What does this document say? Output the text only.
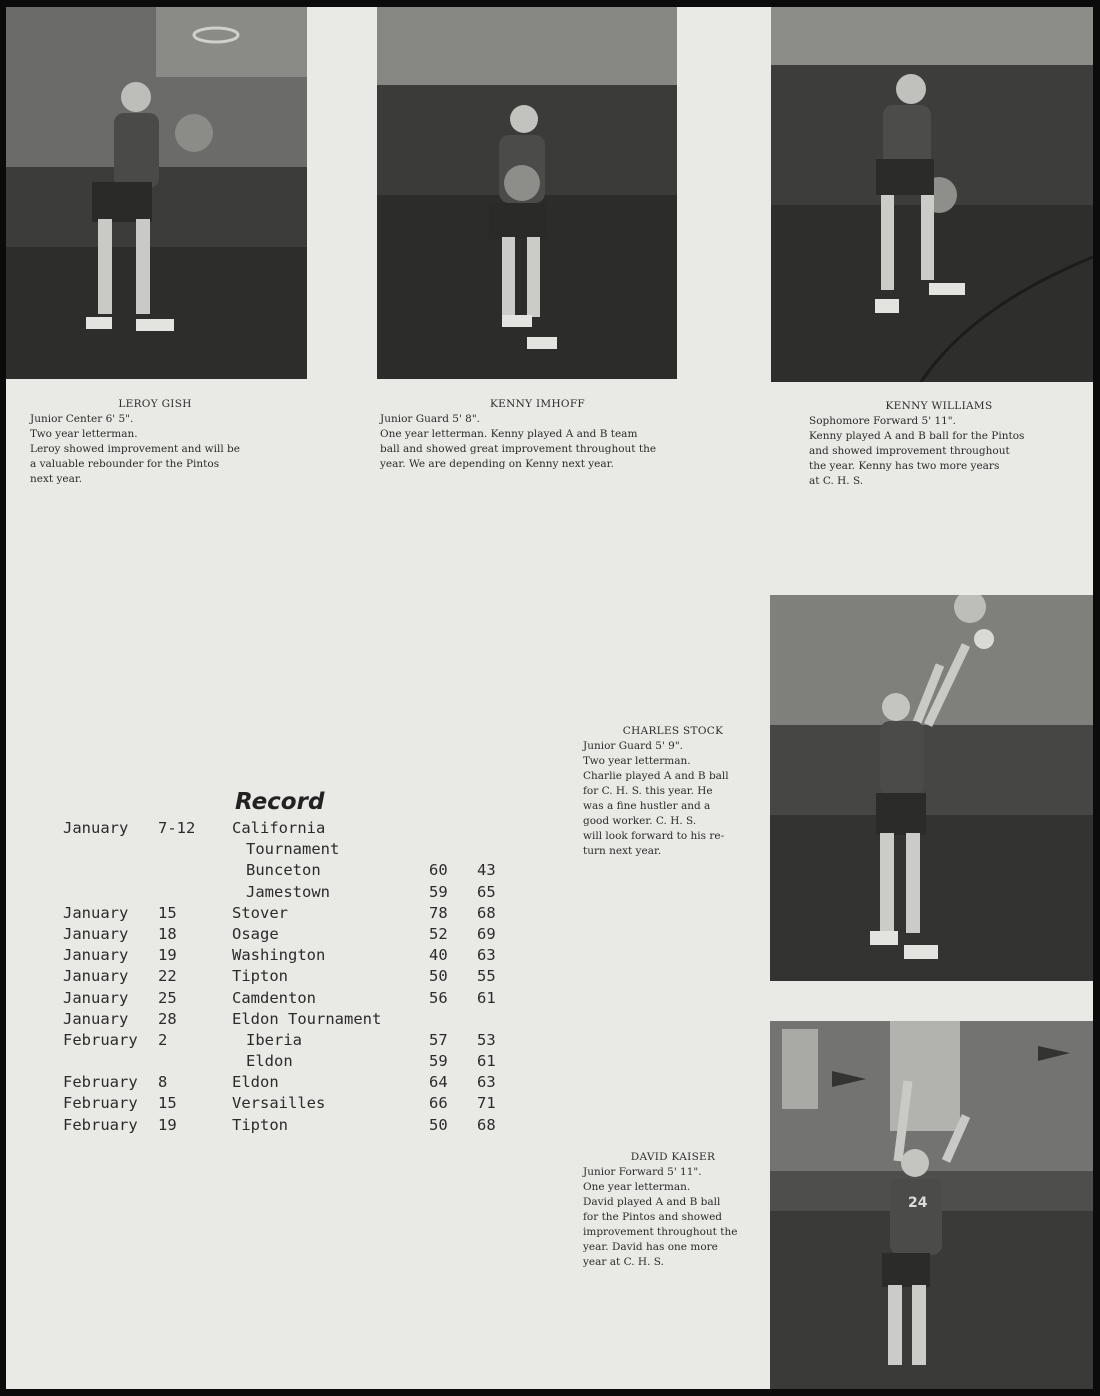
24
LEROY GISH
Junior Center 6' 5".
Two year letterman.
Leroy showed improvement and will be
a valuable rebounder for the Pintos
next year.
KENNY IMHOFF
Junior Guard 5' 8".
One year letterman. Kenny played A and B team
ball and showed great improvement throughout the
year. We are depending on Kenny next year.
KENNY WILLIAMS
Sophomore Forward 5' 11".
Kenny played A and B ball for the Pintos
and showed improvement throughout
the year. Kenny has two more years
at C. H. S.
CHARLES STOCK
Junior Guard 5' 9".
Two year letterman.
Charlie played A and B ball
for C. H. S. this year. He
was a fine hustler and a
good worker. C. H. S.
will look forward to his re-
turn next year.
DAVID KAISER
Junior Forward 5' 11".
One year letterman.
David played A and B ball
for the Pintos and showed
improvement throughout the
year. David has one more
year at C. H. S.
Record
January 7-12 California
Tournament
Bunceton	60 43
Jamestown	59 65
January 15	Stover	78 68
January 18	Osage	52 69
January 19	Washington	40 63
January 22	Tipton	50 55
January 25	Camdenton	56 61
January 28	Eldon Tournament
February 2	Iberia	57 53
Eldon	59 61
February 8	Eldon	64 63
February 15	Versailles	66 71
February 19	Tipton	50 68
